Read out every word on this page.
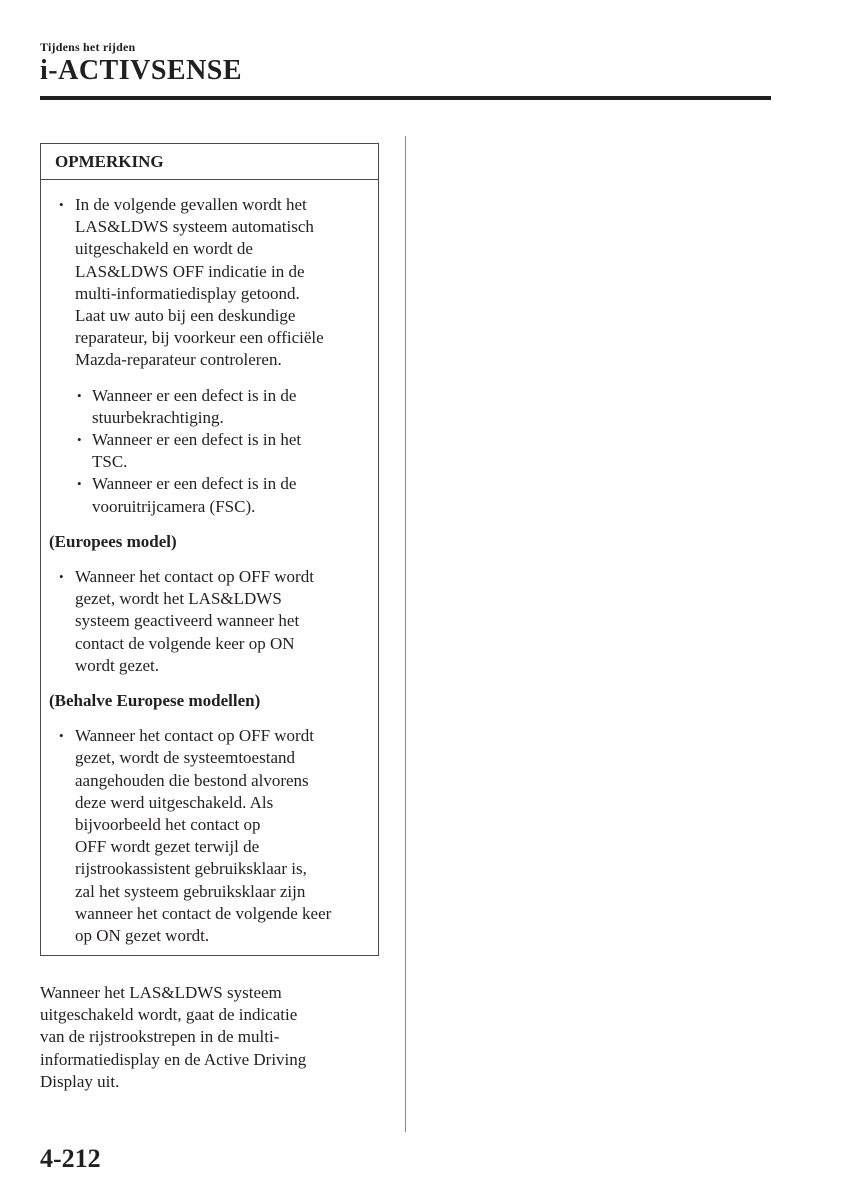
Tijdens het rijden
i-ACTIVSENSE
OPMERKING
• In de volgende gevallen wordt het
LAS&LDWS systeem automatisch
uitgeschakeld en wordt de
LAS&LDWS OFF indicatie in de
multi-informatiedisplay getoond.
Laat uw auto bij een deskundige
reparateur, bij voorkeur een officiële
Mazda-reparateur controleren.
• Wanneer er een defect is in de
stuurbekrachtiging.
• Wanneer er een defect is in het
TSC.
• Wanneer er een defect is in de
vooruitrijcamera (FSC).
(Europees model)
• Wanneer het contact op OFF wordt
gezet, wordt het LAS&LDWS
systeem geactiveerd wanneer het
contact de volgende keer op ON
wordt gezet.
(Behalve Europese modellen)
• Wanneer het contact op OFF wordt
gezet, wordt de systeemtoestand
aangehouden die bestond alvorens
deze werd uitgeschakeld. Als
bijvoorbeeld het contact op
OFF wordt gezet terwijl de
rijstrookassistent gebruiksklaar is,
zal het systeem gebruiksklaar zijn
wanneer het contact de volgende keer
op ON gezet wordt.
Wanneer het LAS&LDWS systeem
uitgeschakeld wordt, gaat de indicatie
van de rijstrookstrepen in de multi-
informatiedisplay en de Active Driving
Display uit.
4-212
